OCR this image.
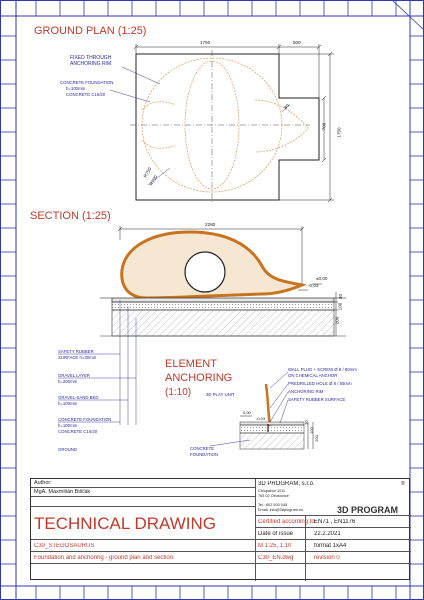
GROUND PLAN (1:25)
SECTION (1:25)
ELEMENT
ANCHORING
(1:10)
FIXED THROUGH
ANCHORING RIM
CONCRETE FOUNDATION
h=100mm
CONCRETE C16/20
1750	500
700
1750
80
R750
R700
2280
±0,00
-0,03
30
100
200
SAFETY RUBBER
SURFACE h=30mm
GRAVEL LAYER
h=200mm
GRAVEL-SAND BED
h=100mm
CONCRETE FOUNDATION
h=100mm
CONCRETE C16/20
GROUND
3D PLAY UNIT
WALL PLUG + SCREW Ø 8 / 80mm
ON CHEMICAL ANCHOR
PREDRILLED HOLE Ø 8 / 65mm
ANCHORING RIM
SAFETY RUBBER SURFACE
CONCRETE
FOUNDATION
0,00
-0,03
30
100
200
Author:
MgA. Maxmilián Bišťák
TECHNICAL DRAWING
C30_STEGOSAURUS
Foundation and anchoring - ground plan and section
3D PROGRAM, s.r.o.
Chlupáčov 1011
765 02 Otrokovice
Tel.: 602 500 045
Email: info@3dprogram.eu	3D PROGRAM
®
Certified according to EN71 , EN1176
Date of issue	22.2.2021
M 1:25, 1:10	format 1xA4
C30_EN.dwg	revision 0
